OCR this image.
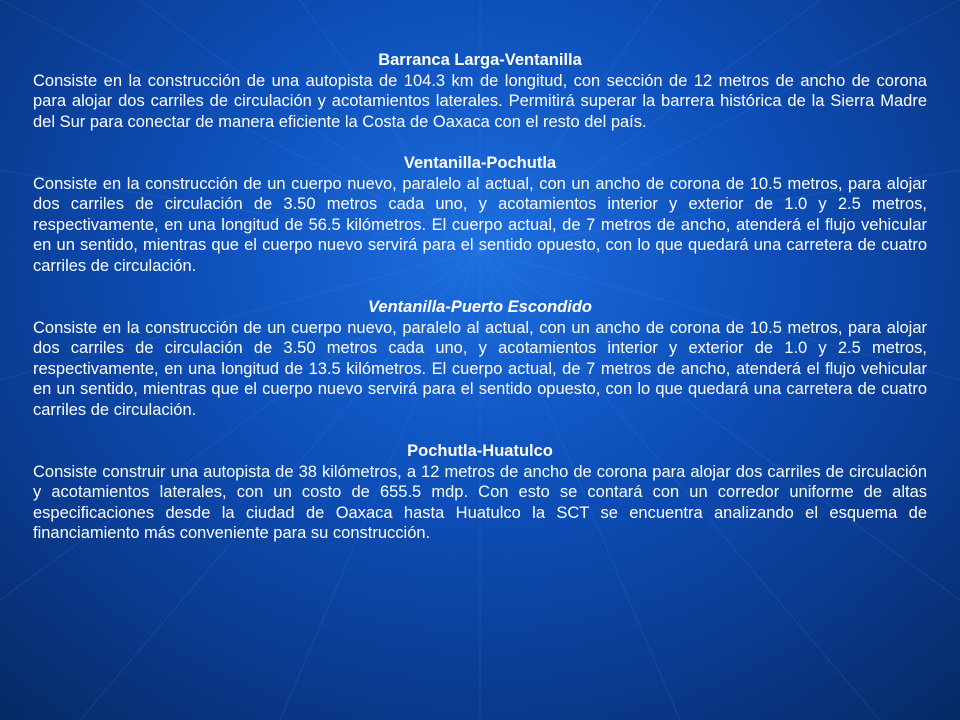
Barranca Larga-Ventanilla

Consiste en la construcción de una autopista de 104.3 km de longitud, con sección de 12 metros de ancho de corona para alojar dos carriles de circulación y acotamientos laterales. Permitirá superar la barrera histórica de la Sierra Madre del Sur para conectar de manera eficiente la Costa de Oaxaca con el resto del país.

Ventanilla-Pochutla

Consiste en la construcción de un cuerpo nuevo, paralelo al actual, con un ancho de corona de 10.5 metros, para alojar dos carriles de circulación de 3.50 metros cada uno, y acotamientos interior y exterior de 1.0 y 2.5 metros, respectivamente, en una longitud de 56.5 kilómetros. El cuerpo actual, de 7 metros de ancho, atenderá el flujo vehicular en un sentido, mientras que el cuerpo nuevo servirá para el sentido opuesto, con lo que quedará una carretera de cuatro carriles de circulación.

Ventanilla-Puerto Escondido

Consiste en la construcción de un cuerpo nuevo, paralelo al actual, con un ancho de corona de 10.5 metros, para alojar dos carriles de circulación de 3.50 metros cada uno, y acotamientos interior y exterior de 1.0 y 2.5 metros, respectivamente, en una longitud de 13.5 kilómetros. El cuerpo actual, de 7 metros de ancho, atenderá el flujo vehicular en un sentido, mientras que el cuerpo nuevo servirá para el sentido opuesto, con lo que quedará una carretera de cuatro carriles de circulación.

Pochutla-Huatulco

Consiste construir una autopista de 38 kilómetros, a 12 metros de ancho de corona para alojar dos carriles de circulación y acotamientos laterales, con un costo de 655.5 mdp. Con esto se contará con un corredor uniforme de altas especificaciones desde la ciudad de Oaxaca hasta Huatulco la SCT se encuentra analizando el esquema de financiamiento más conveniente para su construcción.
